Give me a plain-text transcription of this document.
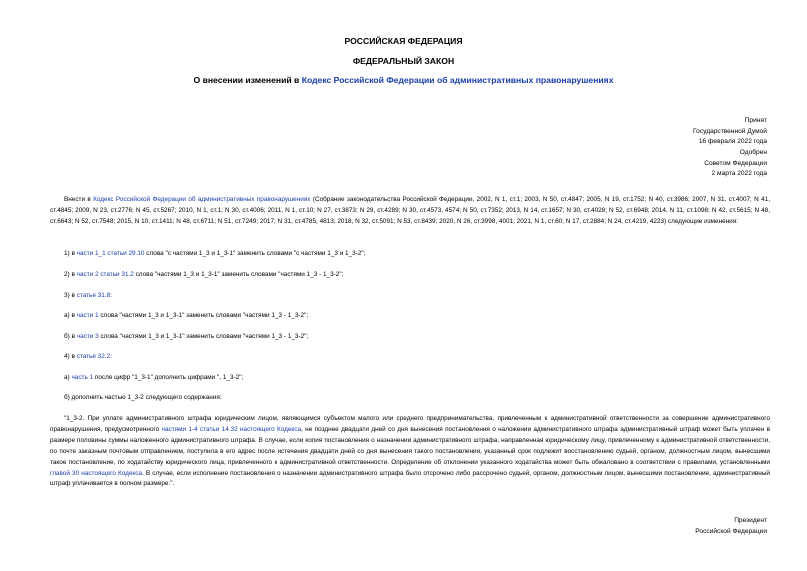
РОССИЙСКАЯ ФЕДЕРАЦИЯ
ФЕДЕРАЛЬНЫЙ ЗАКОН
О внесении изменений в Кодекс Российской Федерации об административных правонарушениях
Принят
Государственной Думой
16 февраля 2022 года
Одобрен
Советом Федерации
2 марта 2022 года
Внести в Кодекс Российской Федерации об административных правонарушениях (Собрание законодательства Российской Федерации, 2002, N 1, ст.1; 2003, N 50, ст.4847; 2005, N 19, ст.1752; N 40, ст.3986; 2007, N 31, ст.4007; N 41, ст.4845; 2009, N 23, ст.2776; N 45, ст.5267; 2010, N 1, ст.1; N 30, ст.4006; 2011, N 1, ст.10; N 27, ст.3873; N 29, ст.4289; N 30, ст.4573, 4574; N 50, ст.7352; 2013, N 14, ст.1657; N 30, ст.4028; N 52, ст.6948; 2014, N 11, ст.1098; N 42, ст.5615; N 48, ст.6643; N 52, ст.7548; 2015, N 10, ст.1411; N 48, ст.6711; N 51, ст.7249; 2017, N 31, ст.4785, 4813; 2018, N 32, ст.5091; N 53, ст.8439; 2020, N 26, ст.3998, 4001; 2021, N 1, ст.60; N 17, ст.2884; N 24, ст.4219, 4223) следующие изменения:
1) в части 1_1 статьи 29.10 слова "с частями 1_3 и 1_3-1" заменить словами "с частями 1_3 и 1_3-2";
2) в части 2 статьи 31.2 слова "частями 1_3 и 1_3-1" заменить словами "частями 1_3 - 1_3-2";
3) в статье 31.8:
а) в части 1 слова "частями 1_3 и 1_3-1" заменить словами "частями 1_3 - 1_3-2";
б) в части 3 слова "частями 1_3 и 1_3-1" заменить словами "частями 1_3 - 1_3-2";
4) в статье 32.2:
а) часть 1 после цифр "1_3-1" дополнить цифрами ", 1_3-2";
б) дополнить частью 1_3-2 следующего содержания:
"1_3-2. При уплате административного штрафа юридическим лицом, являющимся субъектом малого или среднего предпринимательства, привлеченным к административной ответственности за совершение административного правонарушения, предусмотренного частями 1-4 статьи 14.32 настоящего Кодекса, не позднее двадцати дней со дня вынесения постановления о наложении административного штрафа административный штраф может быть уплачен в размере половины суммы наложенного административного штрафа. В случае, если копия постановления о назначении административного штрафа, направленная юридическому лицу, привлеченному к административной ответственности, по почте заказным почтовым отправлением, поступила в его адрес после истечения двадцати дней со дня вынесения такого постановления, указанный срок подлежит восстановлению судьей, органом, должностным лицом, вынесшими такое постановление, по ходатайству юридического лица, привлеченного к административной ответственности. Определение об отклонении указанного ходатайства может быть обжаловано в соответствии с правилами, установленными главой 30 настоящего Кодекса. В случае, если исполнение постановления о назначении административного штрафа было отсрочено либо рассрочено судьей, органом, должностным лицом, вынесшими постановление, административный штраф уплачивается в полном размере.".
Президент
Российской Федерации
